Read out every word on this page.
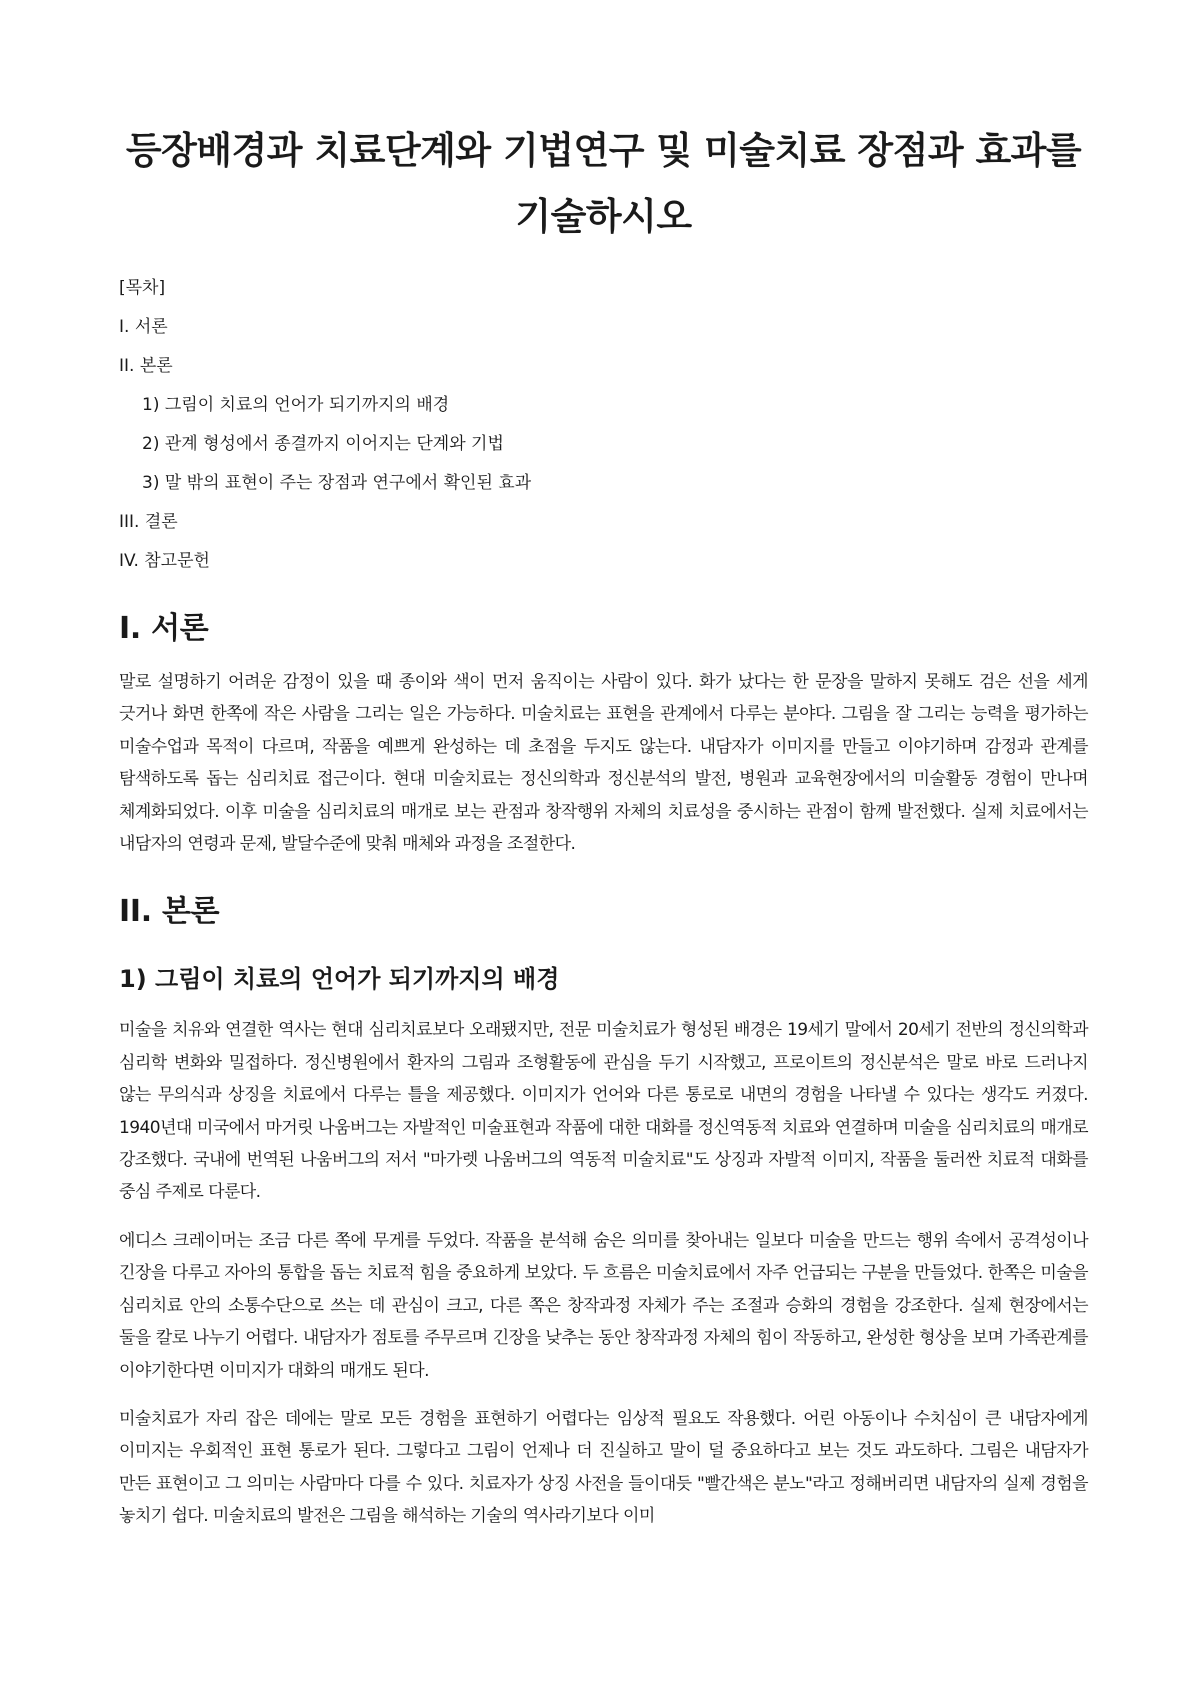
등장배경과 치료단계와 기법연구 및 미술치료 장점과 효과를 기술하시오
[목차]
I. 서론
II. 본론
1) 그림이 치료의 언어가 되기까지의 배경
2) 관계 형성에서 종결까지 이어지는 단계와 기법
3) 말 밖의 표현이 주는 장점과 연구에서 확인된 효과
III. 결론
IV. 참고문헌
I. 서론

말로 설명하기 어려운 감정이 있을 때 종이와 색이 먼저 움직이는 사람이 있다. 화가 났다는 한 문장을 말하지 못해도 검은 선을 세게 긋거나 화면 한쪽에 작은 사람을 그리는 일은 가능하다. 미술치료는 표현을 관계에서 다루는 분야다. 그림을 잘 그리는 능력을 평가하는 미술수업과 목적이 다르며, 작품을 예쁘게 완성하는 데 초점을 두지도 않는다. 내담자가 이미지를 만들고 이야기하며 감정과 관계를 탐색하도록 돕는 심리치료 접근이다. 현대 미술치료는 정신의학과 정신분석의 발전, 병원과 교육현장에서의 미술활동 경험이 만나며 체계화되었다. 이후 미술을 심리치료의 매개로 보는 관점과 창작행위 자체의 치료성을 중시하는 관점이 함께 발전했다. 실제 치료에서는 내담자의 연령과 문제, 발달수준에 맞춰 매체와 과정을 조절한다.

II. 본론
1) 그림이 치료의 언어가 되기까지의 배경

미술을 치유와 연결한 역사는 현대 심리치료보다 오래됐지만, 전문 미술치료가 형성된 배경은 19세기 말에서 20세기 전반의 정신의학과 심리학 변화와 밀접하다. 정신병원에서 환자의 그림과 조형활동에 관심을 두기 시작했고, 프로이트의 정신분석은 말로 바로 드러나지 않는 무의식과 상징을 치료에서 다루는 틀을 제공했다. 이미지가 언어와 다른 통로로 내면의 경험을 나타낼 수 있다는 생각도 커졌다. 1940년대 미국에서 마거릿 나움버그는 자발적인 미술표현과 작품에 대한 대화를 정신역동적 치료와 연결하며 미술을 심리치료의 매개로 강조했다. 국내에 번역된 나움버그의 저서 "마가렛 나움버그의 역동적 미술치료"도 상징과 자발적 이미지, 작품을 둘러싼 치료적 대화를 중심 주제로 다룬다.

에디스 크레이머는 조금 다른 쪽에 무게를 두었다. 작품을 분석해 숨은 의미를 찾아내는 일보다 미술을 만드는 행위 속에서 공격성이나 긴장을 다루고 자아의 통합을 돕는 치료적 힘을 중요하게 보았다. 두 흐름은 미술치료에서 자주 언급되는 구분을 만들었다. 한쪽은 미술을 심리치료 안의 소통수단으로 쓰는 데 관심이 크고, 다른 쪽은 창작과정 자체가 주는 조절과 승화의 경험을 강조한다. 실제 현장에서는 둘을 칼로 나누기 어렵다. 내담자가 점토를 주무르며 긴장을 낮추는 동안 창작과정 자체의 힘이 작동하고, 완성한 형상을 보며 가족관계를 이야기한다면 이미지가 대화의 매개도 된다.

미술치료가 자리 잡은 데에는 말로 모든 경험을 표현하기 어렵다는 임상적 필요도 작용했다. 어린 아동이나 수치심이 큰 내담자에게 이미지는 우회적인 표현 통로가 된다. 그렇다고 그림이 언제나 더 진실하고 말이 덜 중요하다고 보는 것도 과도하다. 그림은 내담자가 만든 표현이고 그 의미는 사람마다 다를 수 있다. 치료자가 상징 사전을 들이대듯 "빨간색은 분노"라고 정해버리면 내담자의 실제 경험을 놓치기 쉽다. 미술치료의 발전은 그림을 해석하는 기술의 역사라기보다 이미
